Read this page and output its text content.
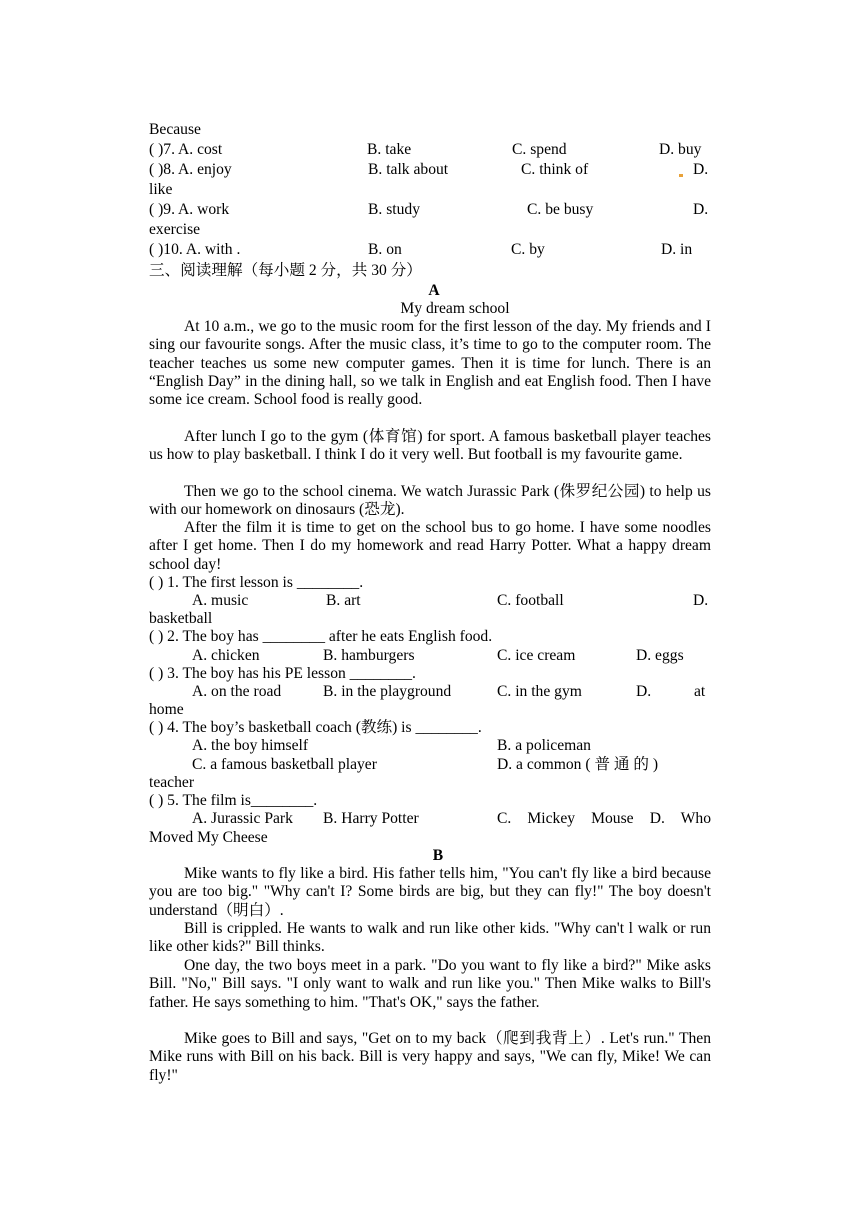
Because
( )7. A. cost	B. take	C. spend	D. buy
( )8. A. enjoy	B. talk about	C. think of	D.
like
( )9. A. work	B. study	C. be busy	D.
exercise
( )10. A. with .	B. on	C. by	D. in
三、阅读理解（每小题 2 分，共 30 分）
A
My dream school
At 10 a.m., we go to the music room for the first lesson of the day. My friends and I sing our favourite songs. After the music class, it’s time to go to the computer room. The teacher teaches us some new computer games. Then it is time for lunch. There is an “English Day” in the dining hall, so we talk in English and eat English food. Then I have some ice cream. School food is really good.
After lunch I go to the gym (体育馆) for sport. A famous basketball player teaches us how to play basketball. I think I do it very well. But football is my favourite game.
Then we go to the school cinema. We watch Jurassic Park (侏罗纪公园) to help us with our homework on dinosaurs (恐龙).
After the film it is time to get on the school bus to go home. I have some noodles after I get home. Then I do my homework and read Harry Potter. What a happy dream school day!
( ) 1. The first lesson is ________.
A. music	B. art	C. football	D.
basketball
( ) 2. The boy has ________ after he eats English food.
A. chicken	B. hamburgers	C. ice cream	D. eggs
( ) 3. The boy has his PE lesson ________.
A. on the road	B. in the playground	C. in the gym	D.	at
home
( ) 4. The boy’s basketball coach (教练) is ________.
A. the boy himself	B. a policeman
C. a famous basketball player	D. a common ( 普 通 的 )
teacher
( ) 5. The film is________.
A. Jurassic Park B. Harry Potter	C. Mickey Mouse D. Who
Moved My Cheese
B
Mike wants to fly like a bird. His father tells him, "You can't fly like a bird because you are too big." "Why can't I? Some birds are big, but they can fly!" The boy doesn't understand（明白）.
Bill is crippled. He wants to walk and run like other kids. "Why can't l walk or run like other kids?" Bill thinks.
One day, the two boys meet in a park. "Do you want to fly like a bird?" Mike asks Bill. "No," Bill says. "I only want to walk and run like you." Then Mike walks to Bill's father. He says something to him. "That's OK," says the father.
Mike goes to Bill and says, "Get on to my back（爬到我背上）. Let's run." Then Mike runs with Bill on his back. Bill is very happy and says, "We can fly, Mike! We can fly!"
